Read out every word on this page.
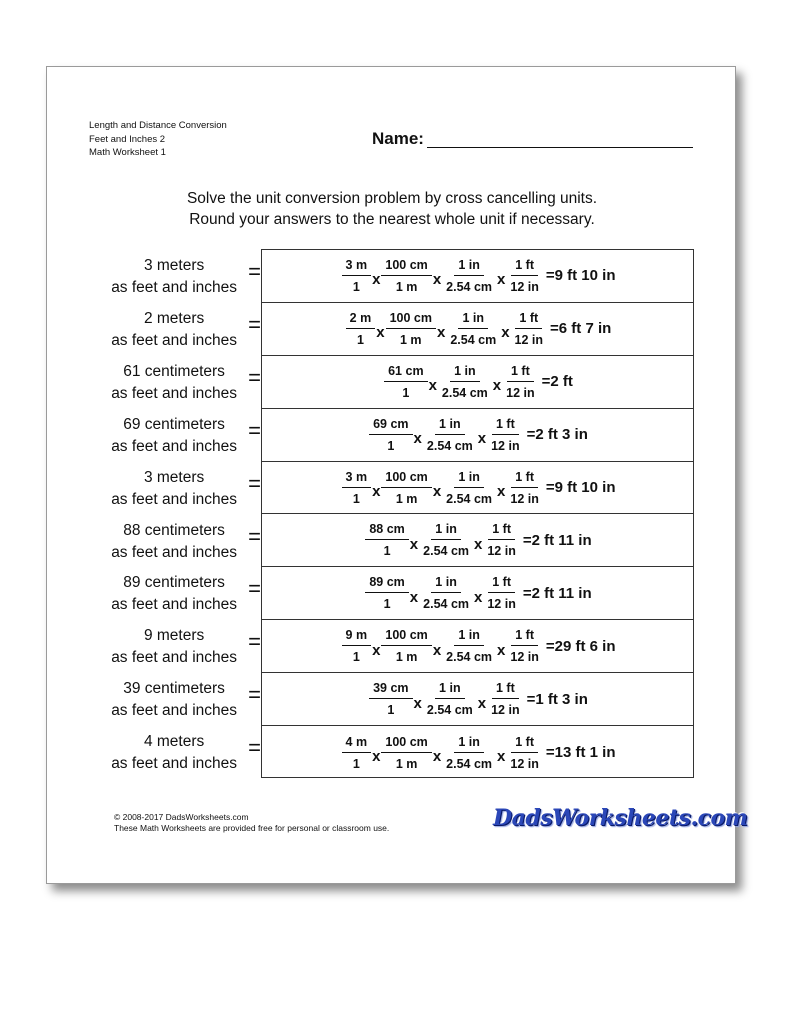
Length and Distance Conversion
Feet and Inches 2
Math Worksheet 1
Name:
Solve the unit conversion problem by cross cancelling units.
Round your answers to the nearest whole unit if necessary.
3 meters
as feet and inches
=
2 meters
as feet and inches
=
61 centimeters
as feet and inches
=
69 centimeters
as feet and inches
=
3 meters
as feet and inches
=
88 centimeters
as feet and inches
=
89 centimeters
as feet and inches
=
9 meters
as feet and inches
=
39 centimeters
as feet and inches
=
4 meters
as feet and inches
=
$\frac{3 m}{1}$ x $\frac{100 cm}{1 m}$ x $\frac{1 in}{2.54 cm}$ x $\frac{1 ft}{12 in} =9$ ft 10 in
$\frac{2 m}{1}$ x $\frac{100 cm}{1 m}$ x $\frac{1 in}{2.54 cm}$ x $\frac{1 ft}{12 in} =6$ ft 7 in
$\frac{61 cm}{1}$ x $\frac{1 in}{2.54 cm}$ x $\frac{1 ft}{12 in} =2$ ft
$\frac{69 cm}{1}$ x $\frac{1 in}{2.54 cm}$ x $\frac{1 ft}{12 in} =2$ ft 3 in
$\frac{3 m}{1}$ x $\frac{100 cm}{1 m}$ x $\frac{1 in}{2.54 cm}$ x $\frac{1 ft}{12 in} =9$ ft 10 in
$\frac{88 cm}{1}$ x $\frac{1 in}{2.54 cm}$ x $\frac{1 ft}{12 in} =2$ ft 11 in
$\frac{89 cm}{1}$ x $\frac{1 in}{2.54 cm}$ x $\frac{1 ft}{12 in} =2$ ft 11 in
$\frac{9 m}{1}$ x $\frac{100 cm}{1 m}$ x $\frac{1 in}{2.54 cm}$ x $\frac{1 ft}{12 in} =29$ ft 6 in
$\frac{39 cm}{1}$ x $\frac{1 in}{2.54 cm}$ x $\frac{1 ft}{12 in} =1$ ft 3 in
$\frac{4 m}{1}$ x $\frac{100 cm}{1 m}$ x $\frac{1 in}{2.54 cm}$ x $\frac{1 ft}{12 in} =13$ ft 1 in
© 2008-2017 DadsWorksheets.com
These Math Worksheets are provided free for personal or classroom use.	DadsWorksheets.com
